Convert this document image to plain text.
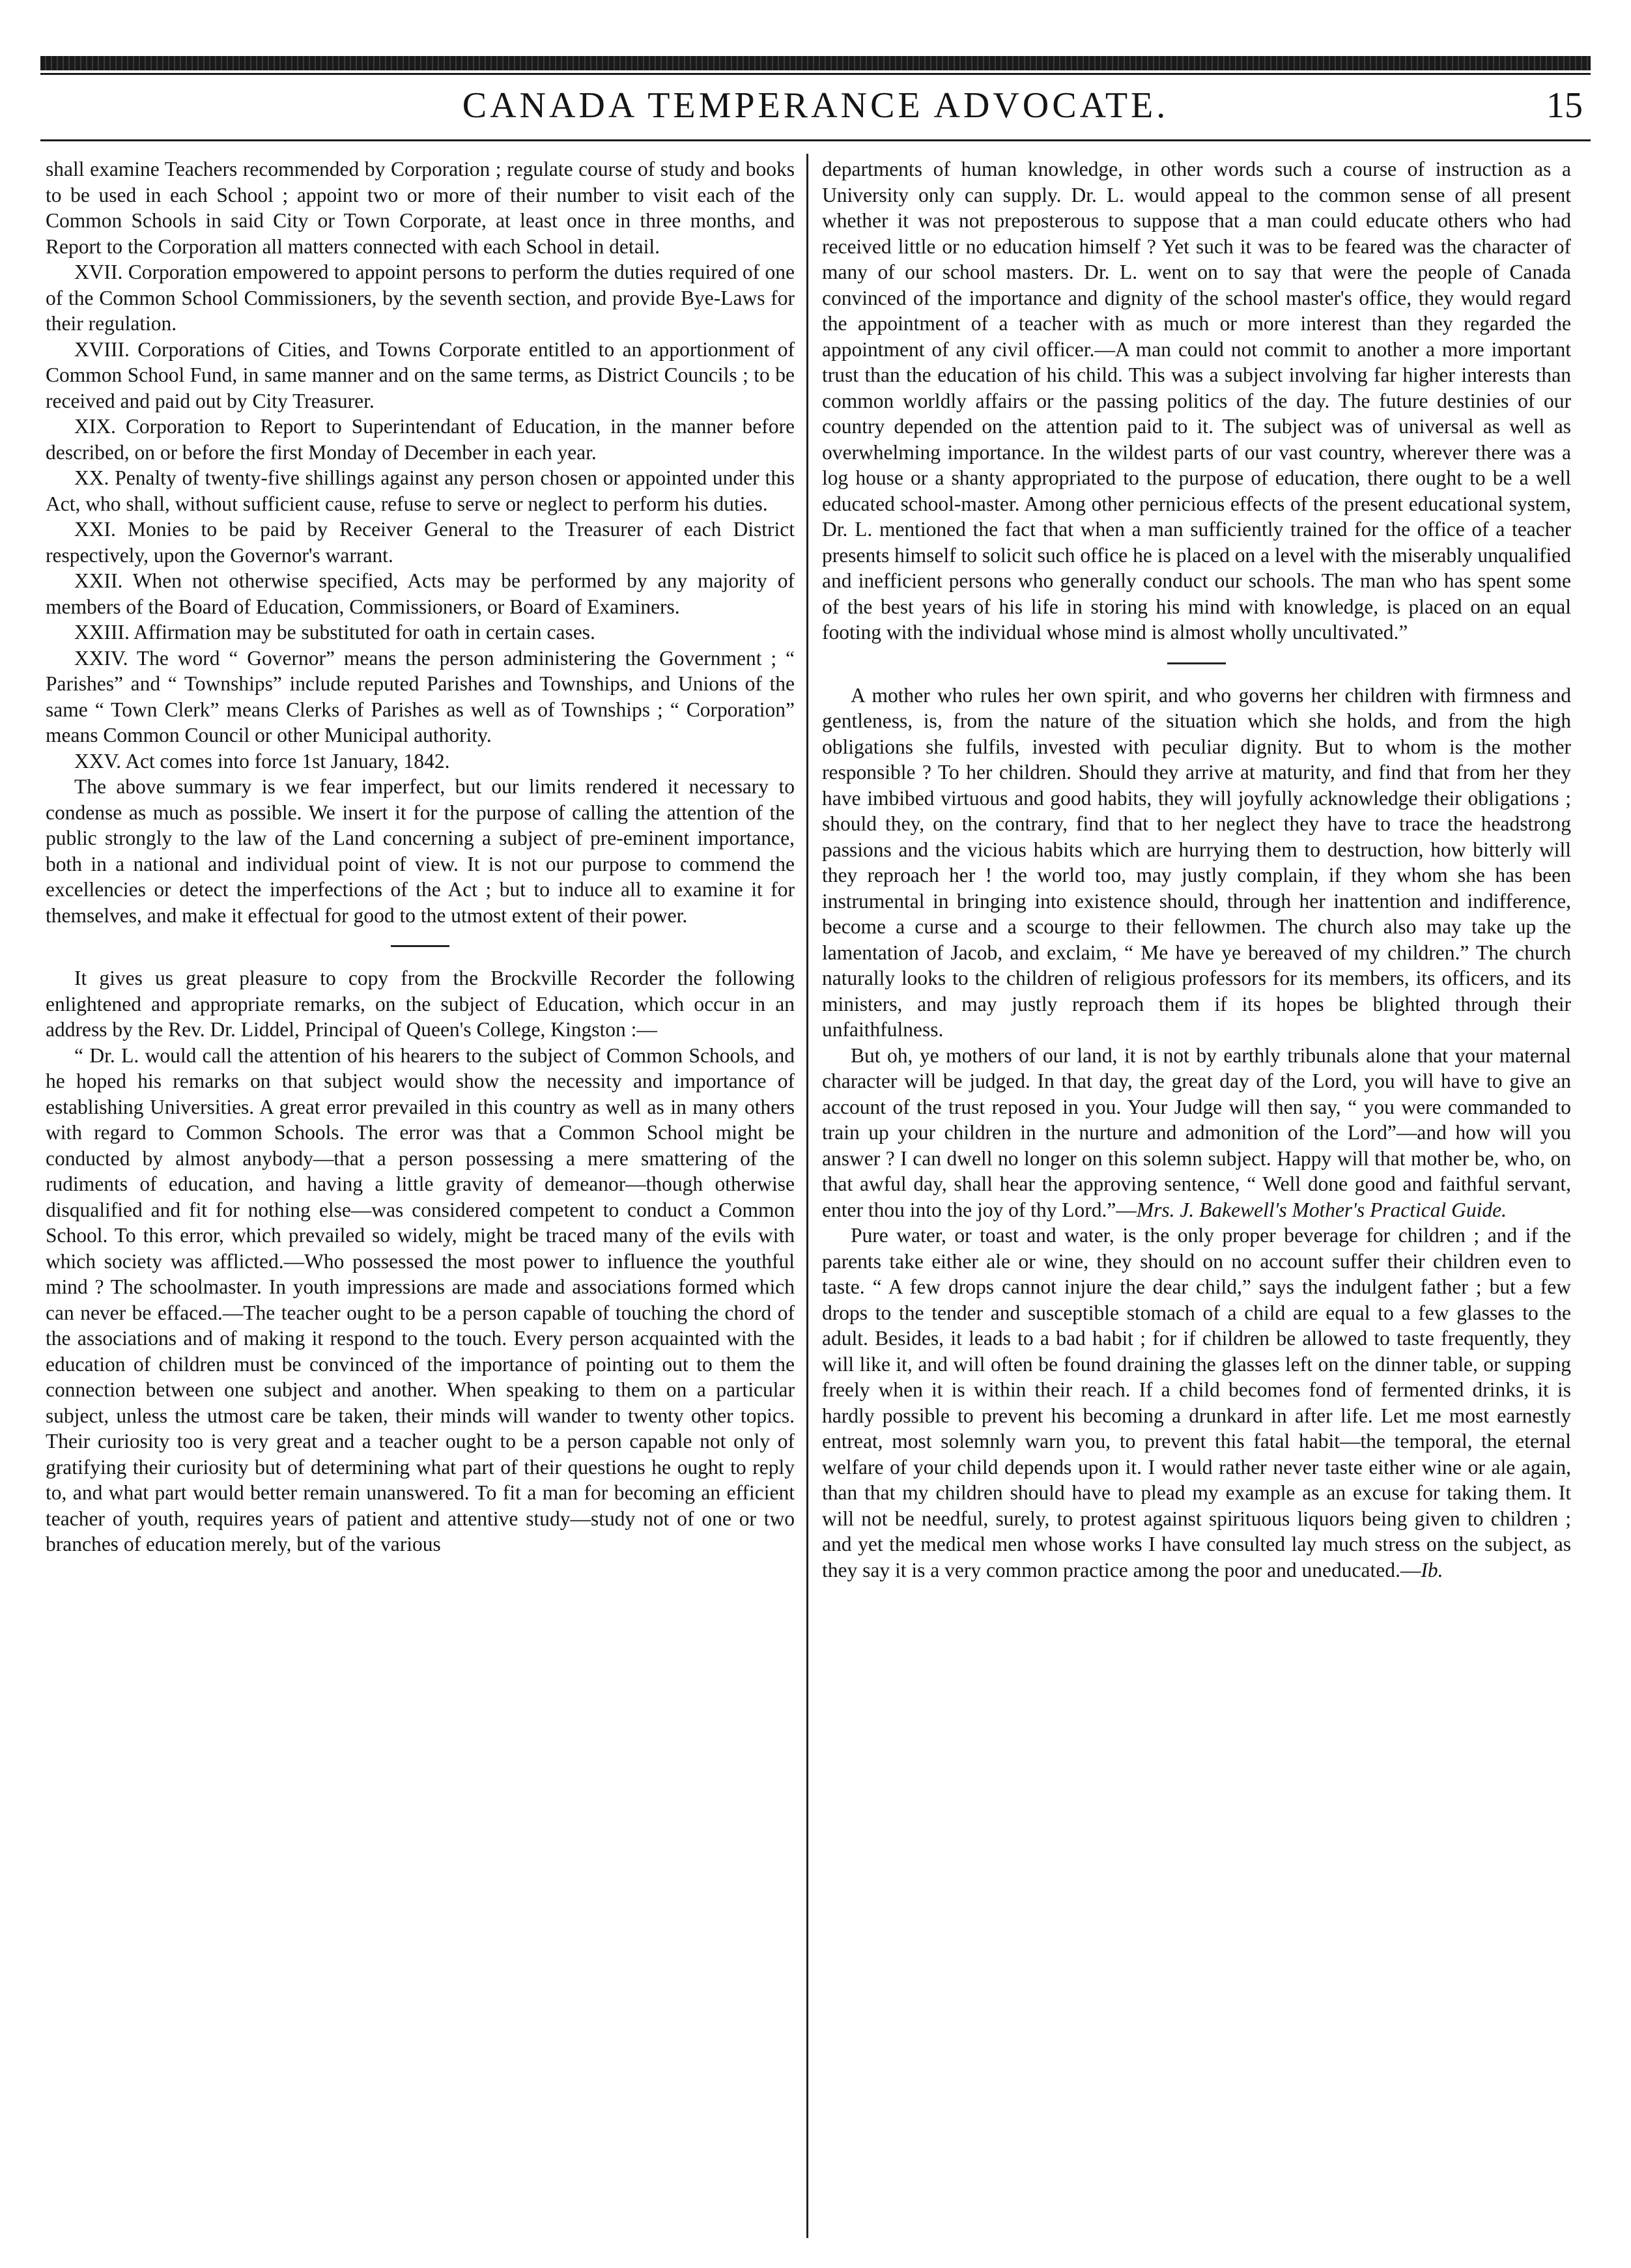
CANADA TEMPERANCE ADVOCATE.	15

shall examine Teachers recommended by Corporation ; regulate course of study and books to be used in each School ; appoint two or more of their number to visit each of the Common Schools in said City or Town Corporate, at least once in three months, and Report to the Corporation all matters connected with each School in detail.

XVII. Corporation empowered to appoint persons to perform the duties required of one of the Common School Commissioners, by the seventh section, and provide Bye-Laws for their regulation.

XVIII. Corporations of Cities, and Towns Corporate entitled to an apportionment of Common School Fund, in same manner and on the same terms, as District Councils ; to be received and paid out by City Treasurer.

XIX. Corporation to Report to Superintendant of Education, in the manner before described, on or before the first Monday of December in each year.

XX. Penalty of twenty-five shillings against any person chosen or appointed under this Act, who shall, without sufficient cause, refuse to serve or neglect to perform his duties.

XXI. Monies to be paid by Receiver General to the Treasurer of each District respectively, upon the Governor's warrant.

XXII. When not otherwise specified, Acts may be performed by any majority of members of the Board of Education, Commissioners, or Board of Examiners.

XXIII. Affirmation may be substituted for oath in certain cases.

XXIV. The word “ Governor” means the person administering the Government ; “ Parishes” and “ Townships” include reputed Parishes and Townships, and Unions of the same “ Town Clerk” means Clerks of Parishes as well as of Townships ; “ Corporation” means Common Council or other Municipal authority.

XXV. Act comes into force 1st January, 1842.

The above summary is we fear imperfect, but our limits rendered it necessary to condense as much as possible. We insert it for the purpose of calling the attention of the public strongly to the law of the Land concerning a subject of pre-eminent importance, both in a national and individual point of view. It is not our purpose to commend the excellencies or detect the imperfections of the Act ; but to induce all to examine it for themselves, and make it effectual for good to the utmost extent of their power.

It gives us great pleasure to copy from the Brockville Recorder the following enlightened and appropriate remarks, on the subject of Education, which occur in an address by the Rev. Dr. Liddel, Principal of Queen's College, Kingston :—

“ Dr. L. would call the attention of his hearers to the subject of Common Schools, and he hoped his remarks on that subject would show the necessity and importance of establishing Universities. A great error prevailed in this country as well as in many others with regard to Common Schools. The error was that a Common School might be conducted by almost anybody—that a person possessing a mere smattering of the rudiments of education, and having a little gravity of demeanor—though otherwise disqualified and fit for nothing else—was considered competent to conduct a Common School. To this error, which prevailed so widely, might be traced many of the evils with which society was afflicted.—Who possessed the most power to influence the youthful mind ? The schoolmaster. In youth impressions are made and associations formed which can never be effaced.—The teacher ought to be a person capable of touching the chord of the associations and of making it respond to the touch. Every person acquainted with the education of children must be convinced of the importance of pointing out to them the connection between one subject and another. When speaking to them on a particular subject, unless the utmost care be taken, their minds will wander to twenty other topics. Their curiosity too is very great and a teacher ought to be a person capable not only of gratifying their curiosity but of determining what part of their questions he ought to reply to, and what part would better remain unanswered. To fit a man for becoming an efficient teacher of youth, requires years of patient and attentive study—study not of one or two branches of education merely, but of the various

departments of human knowledge, in other words such a course of instruction as a University only can supply. Dr. L. would appeal to the common sense of all present whether it was not preposterous to suppose that a man could educate others who had received little or no education himself ? Yet such it was to be feared was the character of many of our school masters. Dr. L. went on to say that were the people of Canada convinced of the importance and dignity of the school master's office, they would regard the appointment of a teacher with as much or more interest than they regarded the appointment of any civil officer.—A man could not commit to another a more important trust than the education of his child. This was a subject involving far higher interests than common worldly affairs or the passing politics of the day. The future destinies of our country depended on the attention paid to it. The subject was of universal as well as overwhelming importance. In the wildest parts of our vast country, wherever there was a log house or a shanty appropriated to the purpose of education, there ought to be a well educated school-master. Among other pernicious effects of the present educational system, Dr. L. mentioned the fact that when a man sufficiently trained for the office of a teacher presents himself to solicit such office he is placed on a level with the miserably unqualified and inefficient persons who generally conduct our schools. The man who has spent some of the best years of his life in storing his mind with knowledge, is placed on an equal footing with the individual whose mind is almost wholly uncultivated.”

A mother who rules her own spirit, and who governs her children with firmness and gentleness, is, from the nature of the situation which she holds, and from the high obligations she fulfils, invested with peculiar dignity. But to whom is the mother responsible ? To her children. Should they arrive at maturity, and find that from her they have imbibed virtuous and good habits, they will joyfully acknowledge their obligations ; should they, on the contrary, find that to her neglect they have to trace the headstrong passions and the vicious habits which are hurrying them to destruction, how bitterly will they reproach her ! the world too, may justly complain, if they whom she has been instrumental in bringing into existence should, through her inattention and indifference, become a curse and a scourge to their fellowmen. The church also may take up the lamentation of Jacob, and exclaim, “ Me have ye bereaved of my children.” The church naturally looks to the children of religious professors for its members, its officers, and its ministers, and may justly reproach them if its hopes be blighted through their unfaithfulness.

But oh, ye mothers of our land, it is not by earthly tribunals alone that your maternal character will be judged. In that day, the great day of the Lord, you will have to give an account of the trust reposed in you. Your Judge will then say, “ you were commanded to train up your children in the nurture and admonition of the Lord”—and how will you answer ? I can dwell no longer on this solemn subject. Happy will that mother be, who, on that awful day, shall hear the approving sentence, “ Well done good and faithful servant, enter thou into the joy of thy Lord.”—Mrs. J. Bakewell's Mother's Practical Guide.

Pure water, or toast and water, is the only proper beverage for children ; and if the parents take either ale or wine, they should on no account suffer their children even to taste. “ A few drops cannot injure the dear child,” says the indulgent father ; but a few drops to the tender and susceptible stomach of a child are equal to a few glasses to the adult. Besides, it leads to a bad habit ; for if children be allowed to taste frequently, they will like it, and will often be found draining the glasses left on the dinner table, or supping freely when it is within their reach. If a child becomes fond of fermented drinks, it is hardly possible to prevent his becoming a drunkard in after life. Let me most earnestly entreat, most solemnly warn you, to prevent this fatal habit—the temporal, the eternal welfare of your child depends upon it. I would rather never taste either wine or ale again, than that my children should have to plead my example as an excuse for taking them. It will not be needful, surely, to protest against spirituous liquors being given to children ; and yet the medical men whose works I have consulted lay much stress on the subject, as they say it is a very common practice among the poor and uneducated.—Ib.
